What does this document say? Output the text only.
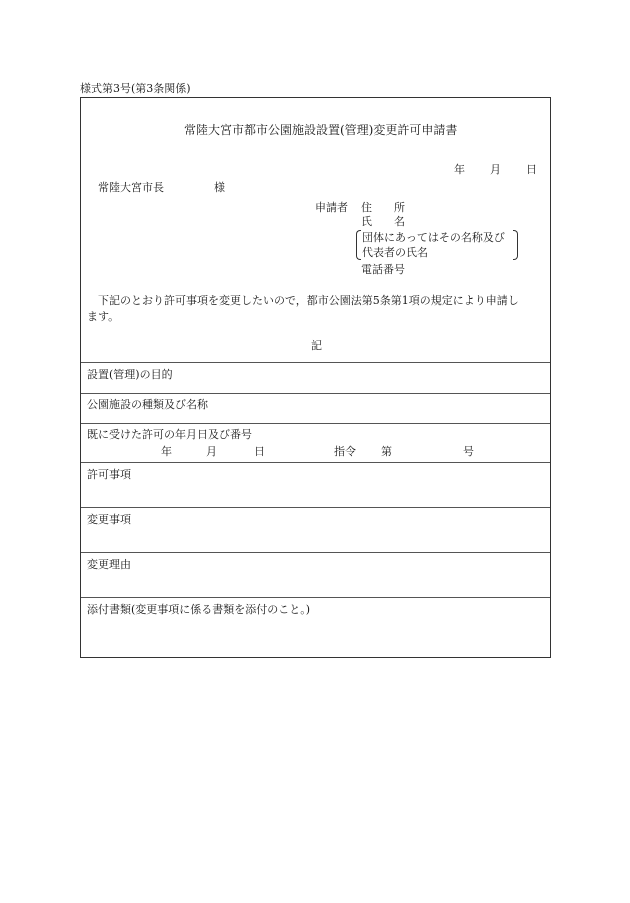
様式第3号(第3条関係)
常陸大宮市都市公園施設設置(管理)変更許可申請書
年 月 日
常陸大宮市長	様
申請者 住　　所
氏　　名
団体にあってはその名称及び
代表者の氏名
電話番号
下記のとおり許可事項を変更したいので，都市公園法第5条第1項の規定により申請し
ます。
記
設置(管理)の目的
公園施設の種類及び名称
既に受けた許可の年月日及び番号
年	月	日	指令 第	号
許可事項
変更事項
変更理由
添付書類(変更事項に係る書類を添付のこと。)
